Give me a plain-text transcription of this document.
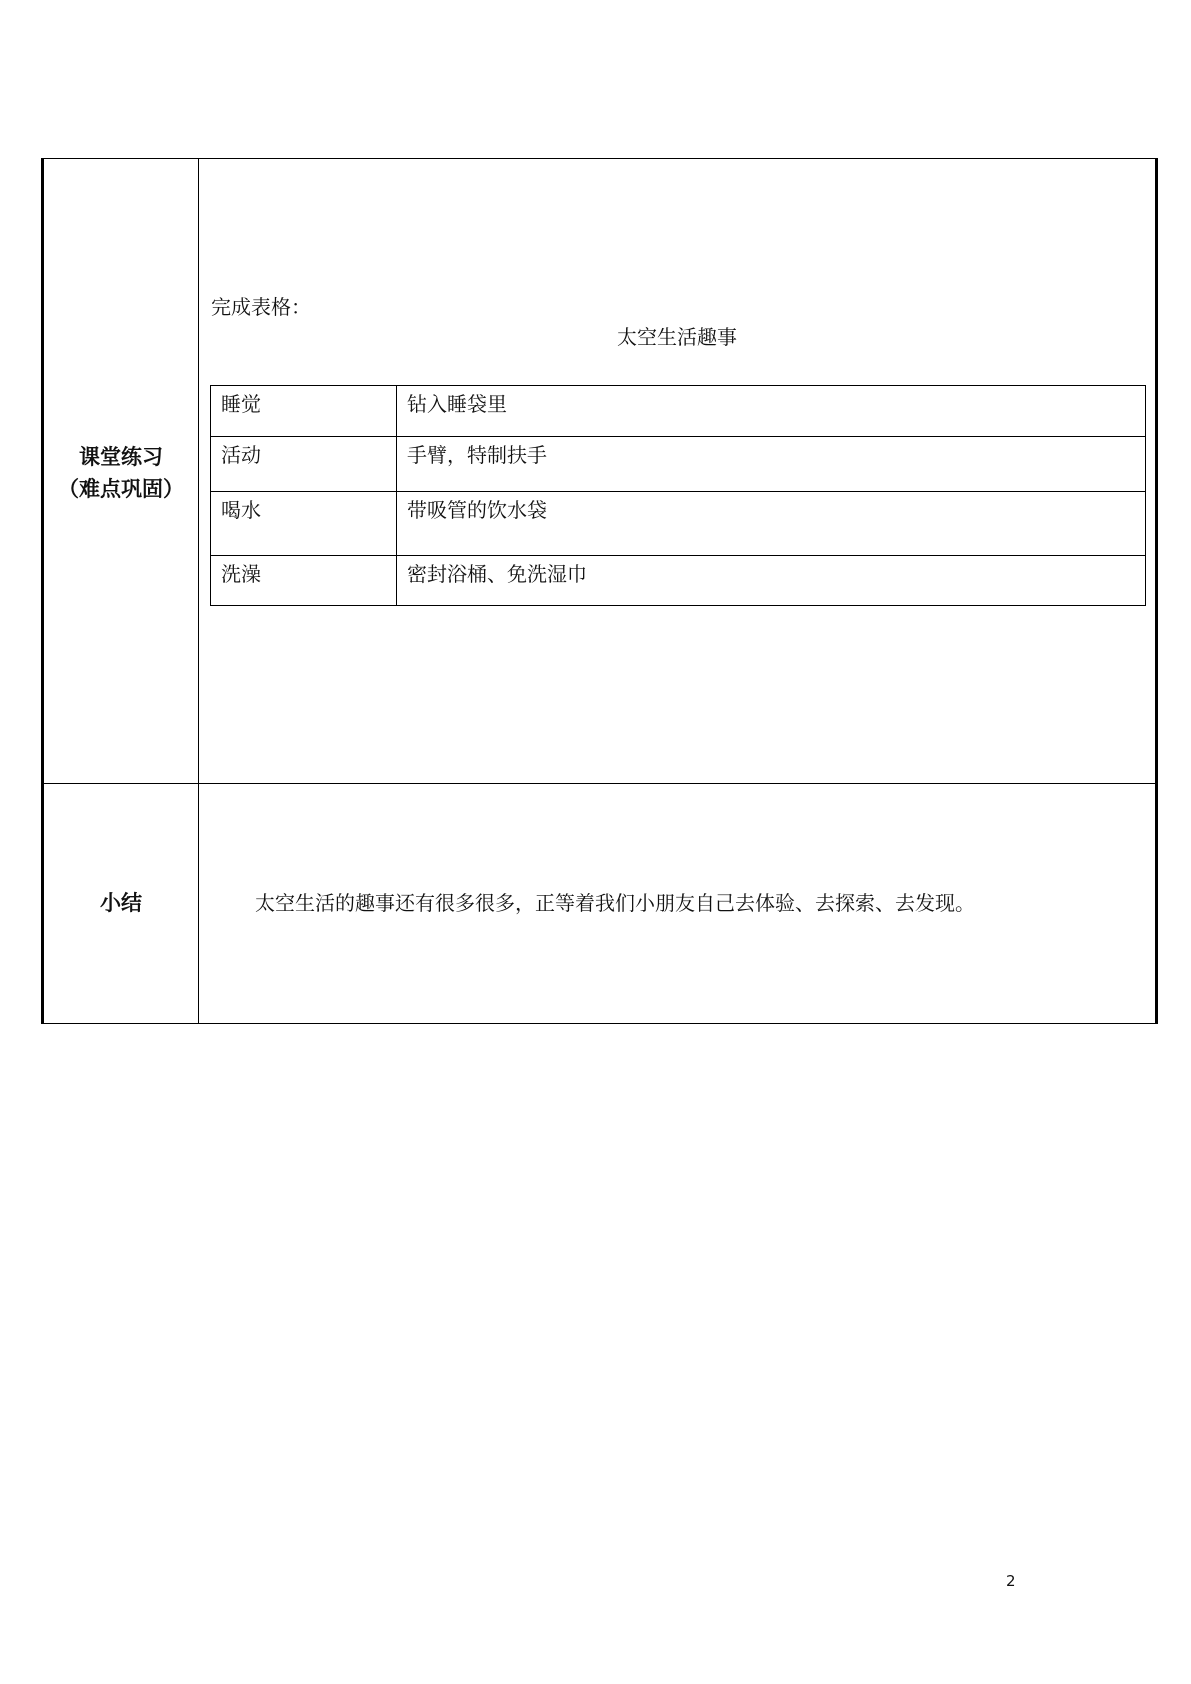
课堂练习
（难点巩固）
完成表格：
太空生活趣事
睡觉	钻入睡袋里
活动	手臂，特制扶手
喝水	带吸管的饮水袋
洗澡	密封浴桶、免洗湿巾
小结	太空生活的趣事还有很多很多，正等着我们小朋友自己去体验、去探索、去发现。
2
